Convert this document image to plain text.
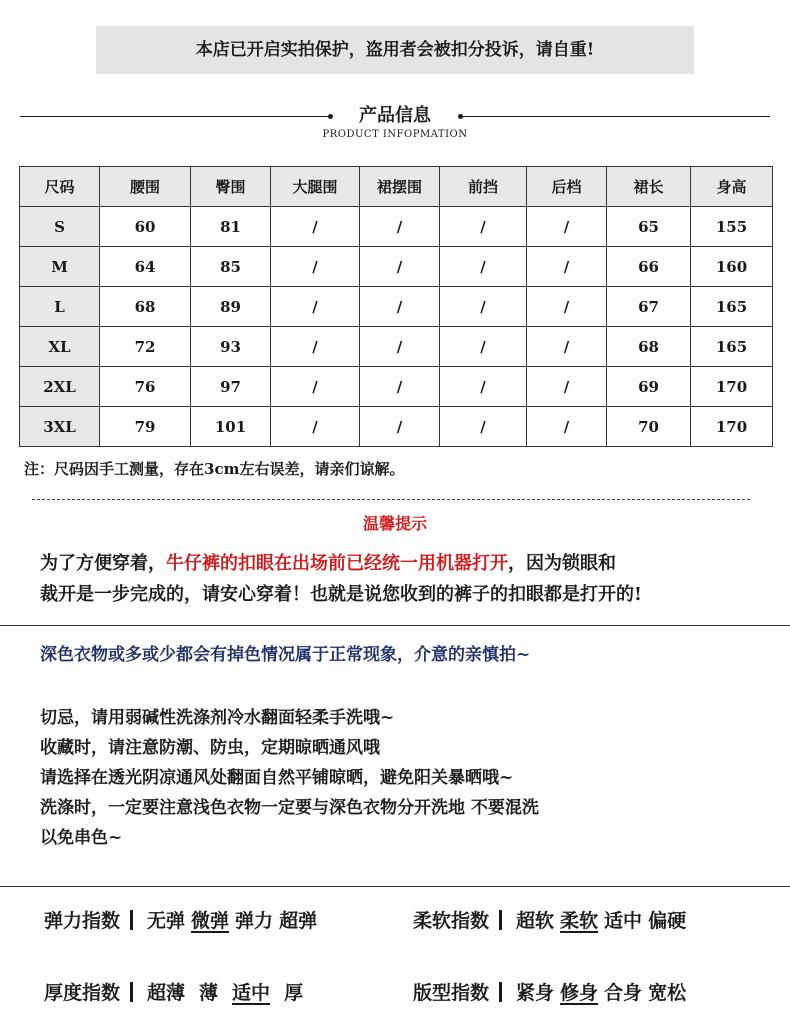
本店已开启实拍保护，盗用者会被扣分投诉，请自重!
产品信息
PRODUCT INFOPMATION
尺码	腰围	臀围	大腿围	裙摆围	前挡	后档	裙长	身高
S	60	81	/	/	/	/	65	155
M	64	85	/	/	/	/	66	160
L	68	89	/	/	/	/	67	165
XL	72	93	/	/	/	/	68	165
2XL	76	97	/	/	/	/	69	170
3XL	79	101	/	/	/	/	70	170
注：尺码因手工测量，存在3cm左右误差，请亲们谅解。
温馨提示
为了方便穿着，牛仔裤的扣眼在出场前已经统一用机器打开，因为锁眼和
裁开是一步完成的，请安心穿着！也就是说您收到的裤子的扣眼都是打开的!
深色衣物或多或少都会有掉色情况属于正常现象，介意的亲慎拍~
切忌，请用弱碱性洗涤剂冷水翻面轻柔手洗哦~
收藏时，请注意防潮、防虫，定期晾晒通风哦
请选择在透光阴凉通风处翻面自然平铺晾晒，避免阳关暴晒哦~
洗涤时，一定要注意浅色衣物一定要与深色衣物分开洗地 不要混洗
以免串色~
弹力指数 无弹 微弹 弹力 超弹	柔软指数 超软 柔软 适中 偏硬
厚度指数 超薄 薄 适中 厚	版型指数 紧身 修身 合身 宽松
